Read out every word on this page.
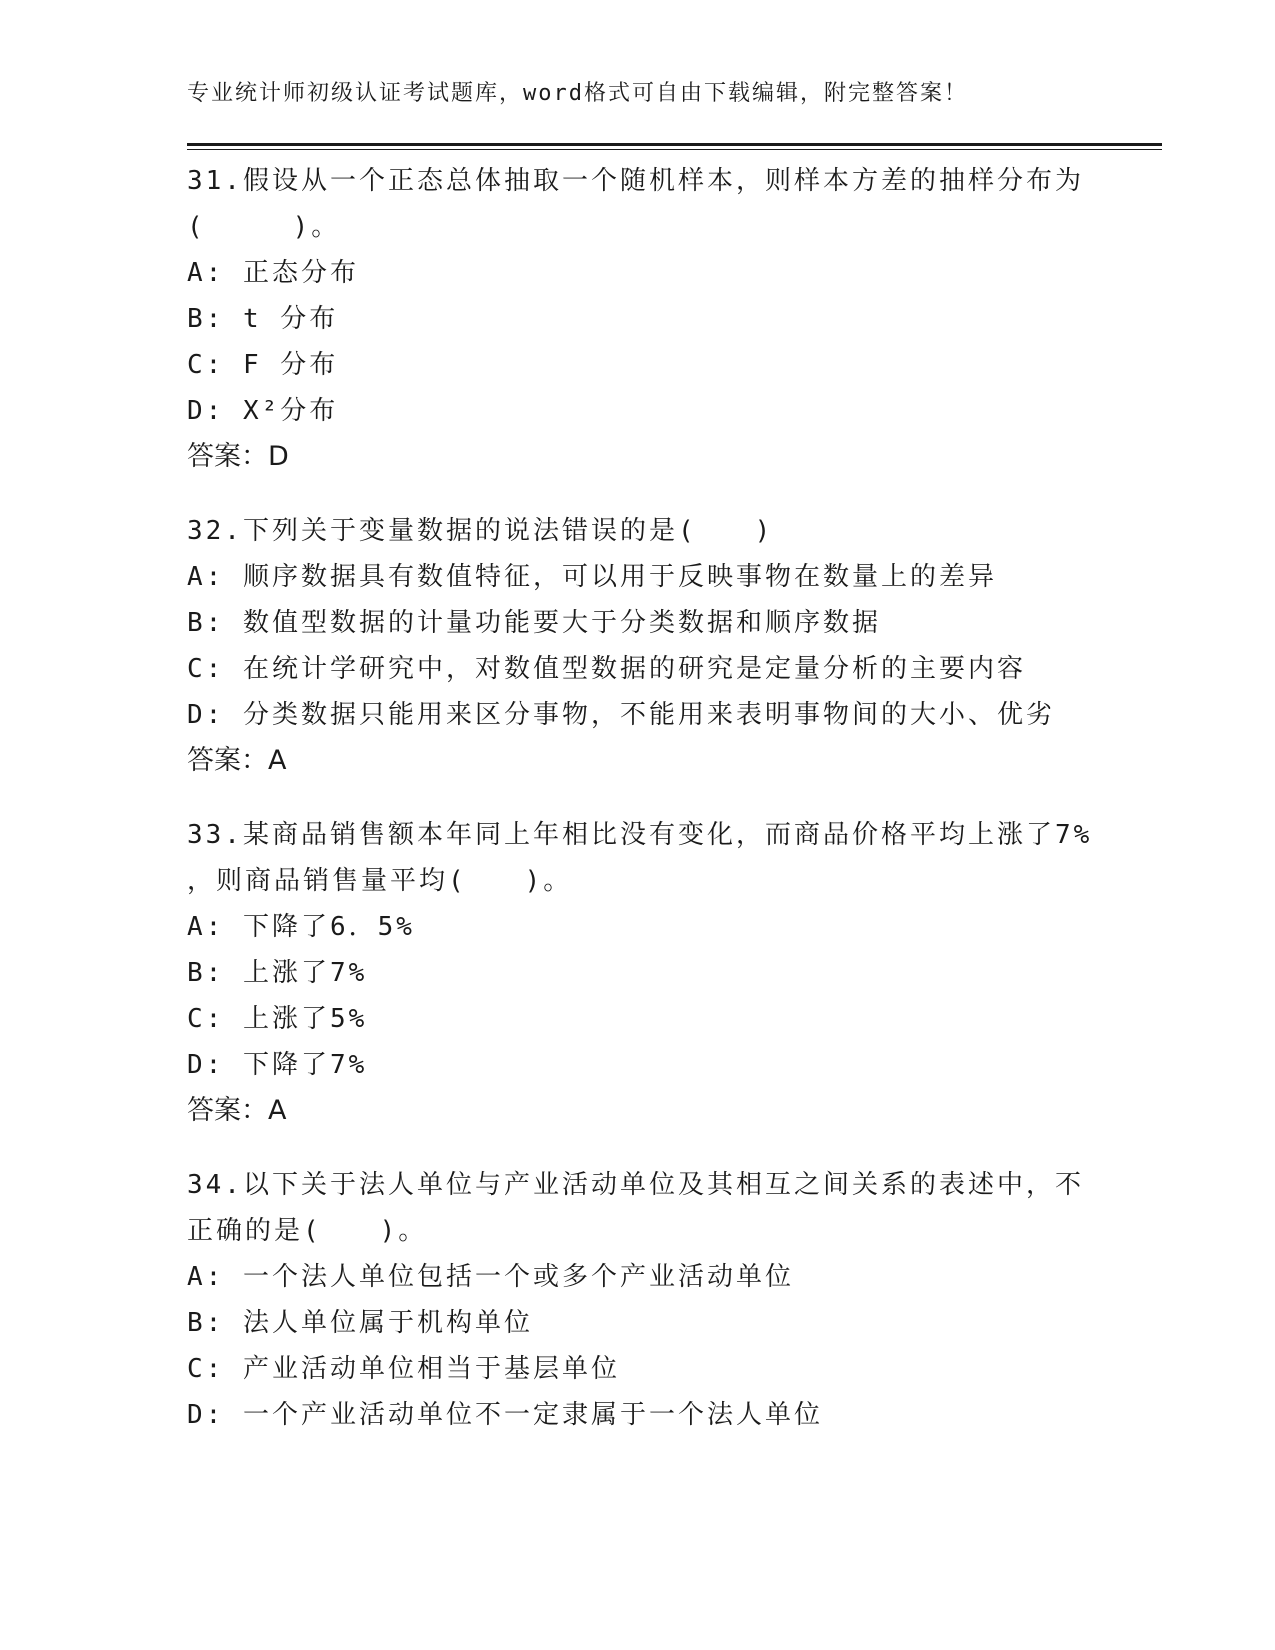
专业统计师初级认证考试题库，word格式可自由下载编辑，附完整答案！
31.假设从一个正态总体抽取一个随机样本，则样本方差的抽样分布为
(　　　)。
A: 正态分布
B: t 分布
C: F 分布
D: X²分布
答案：D
32.下列关于变量数据的说法错误的是(　　)
A: 顺序数据具有数值特征，可以用于反映事物在数量上的差异
B: 数值型数据的计量功能要大于分类数据和顺序数据
C: 在统计学研究中，对数值型数据的研究是定量分析的主要内容
D: 分类数据只能用来区分事物，不能用来表明事物间的大小、优劣
答案：A
33.某商品销售额本年同上年相比没有变化，而商品价格平均上涨了7%
，则商品销售量平均(　　)。
A: 下降了6．5%
B: 上涨了7%
C: 上涨了5%
D: 下降了7%
答案：A
34.以下关于法人单位与产业活动单位及其相互之间关系的表述中，不
正确的是(　　)。
A: 一个法人单位包括一个或多个产业活动单位
B: 法人单位属于机构单位
C: 产业活动单位相当于基层单位
D: 一个产业活动单位不一定隶属于一个法人单位
